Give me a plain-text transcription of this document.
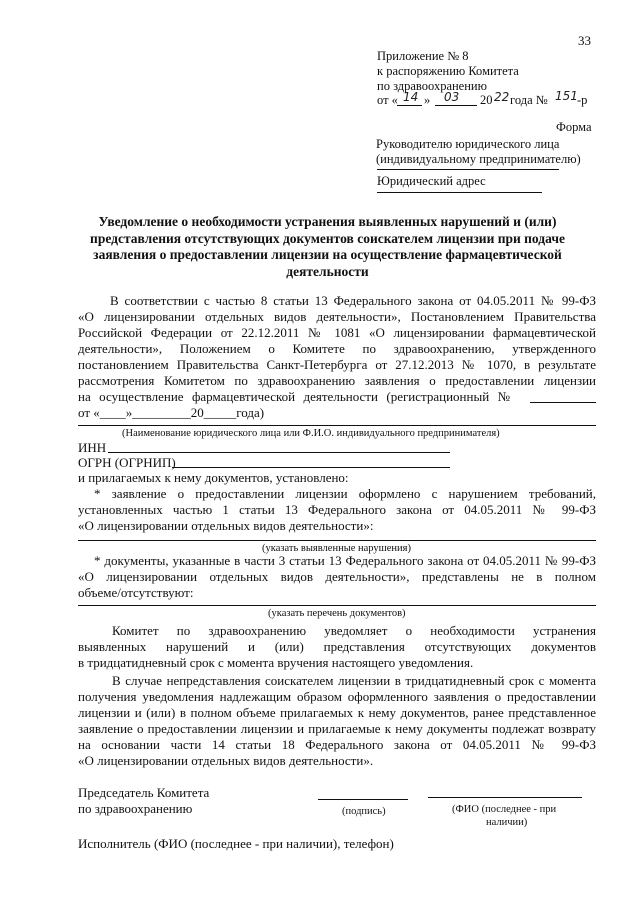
33
Приложение № 8
к распоряжению Комитета
по здравоохранению
от « 14 » 03 20 22 года № 151 -р
Форма
Руководителю юридического лица
(индивидуальному предпринимателю)
Юридический адрес
Уведомление о необходимости устранения выявленных нарушений и (или) представления отсутствующих документов соискателем лицензии при подаче заявления о предоставлении лицензии на осуществление фармацевтической деятельности
В соответствии с частью 8 статьи 13 Федерального закона от 04.05.2011 № 99-ФЗ
«О лицензировании отдельных видов деятельности», Постановлением Правительства
Российской Федерации от 22.12.2011 № 1081 «О лицензировании фармацевтической
деятельности», Положением о Комитете по здравоохранению, утвержденного
постановлением Правительства Санкт-Петербурга от 27.12.2013 № 1070, в результате
рассмотрения Комитетом по здравоохранению заявления о предоставлении лицензии
на осуществление фармацевтической деятельности (регистрационный №
от «____»_________20_____года)
(Наименование юридического лица или Ф.И.О. индивидуального предпринимателя)
ИНН
ОГРН (ОГРНИП)
и прилагаемых к нему документов, установлено:
* заявление о предоставлении лицензии оформлено с нарушением требований,
установленных частью 1 статьи 13 Федерального закона от 04.05.2011 № 99-ФЗ
«О лицензировании отдельных видов деятельности»:
(указать выявленные нарушения)
* документы, указанные в части 3 статьи 13 Федерального закона от 04.05.2011 № 99-ФЗ
«О лицензировании отдельных видов деятельности», представлены не в полном
объеме/отсутствуют:
(указать перечень документов)
Комитет по здравоохранению уведомляет о необходимости устранения
выявленных нарушений и (или) представления отсутствующих документов
в тридцатидневный срок с момента вручения настоящего уведомления.
В случае непредставления соискателем лицензии в тридцатидневный срок с момента
получения уведомления надлежащим образом оформленного заявления о предоставлении
лицензии и (или) в полном объеме прилагаемых к нему документов, ранее представленное
заявление о предоставлении лицензии и прилагаемые к нему документы подлежат возврату
на основании части 14 статьи 18 Федерального закона от 04.05.2011 № 99-ФЗ
«О лицензировании отдельных видов деятельности».
Председатель Комитета
по здравоохранению	(подпись)	(ФИО (последнее - при
наличии)
Исполнитель (ФИО (последнее - при наличии), телефон)
